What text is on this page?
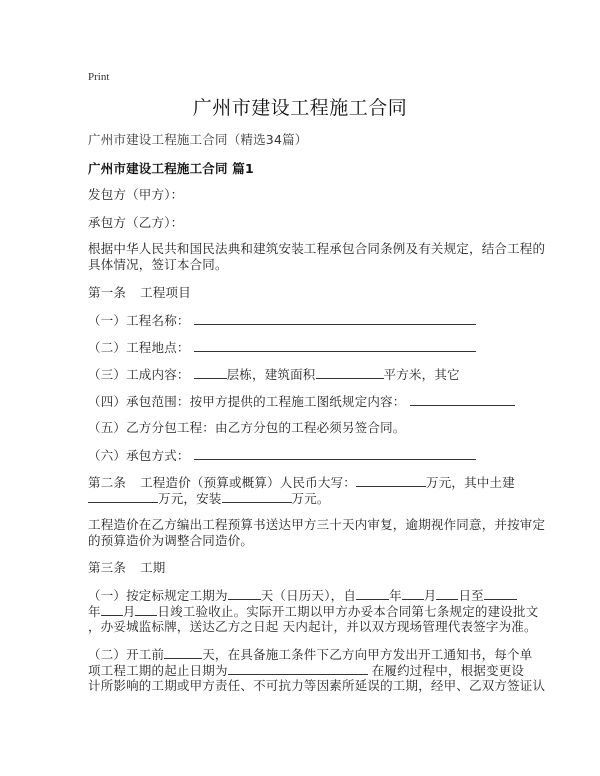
Print
广州市建设工程施工合同
广州市建设工程施工合同（精选34篇）
广州市建设工程施工合同 篇1
发包方（甲方）：
承包方（乙方）：
根据中华人民共和国民法典和建筑安装工程承包合同条例及有关规定，结合工程的
具体情况，签订本合同。
第一条 工程项目
（一）工程名称：
（二）工程地点：
（三）工成内容：	层栋，建筑面积	平方米，其它
（四）承包范围：按甲方提供的工程施工图纸规定内容：
（五）乙方分包工程：由乙方分包的工程必须另签合同。
（六）承包方式：
第二条 工程造价（预算或概算）人民币大写：	万元，其中土建
万元，安装	万元。
工程造价在乙方编出工程预算书送达甲方三十天内审复，逾期视作同意，并按审定
的预算造价为调整合同造价。
第三条 工期
（一）按定标规定工期为	天（日历天），自	年 月 日至
年 月 日竣工验收止。实际开工期以甲方办妥本合同第七条规定的建设批文
，办妥城监标牌，送达乙方之日起 天内起计，并以双方现场管理代表签字为准。
（二）开工前	天，在具备施工条件下乙方向甲方发出开工通知书，每个单
项工程工期的起止日期为	在履约过程中，根据变更设
计所影响的工期或甲方责任、不可抗力等因素所延误的工期，经甲、乙双方签证认
